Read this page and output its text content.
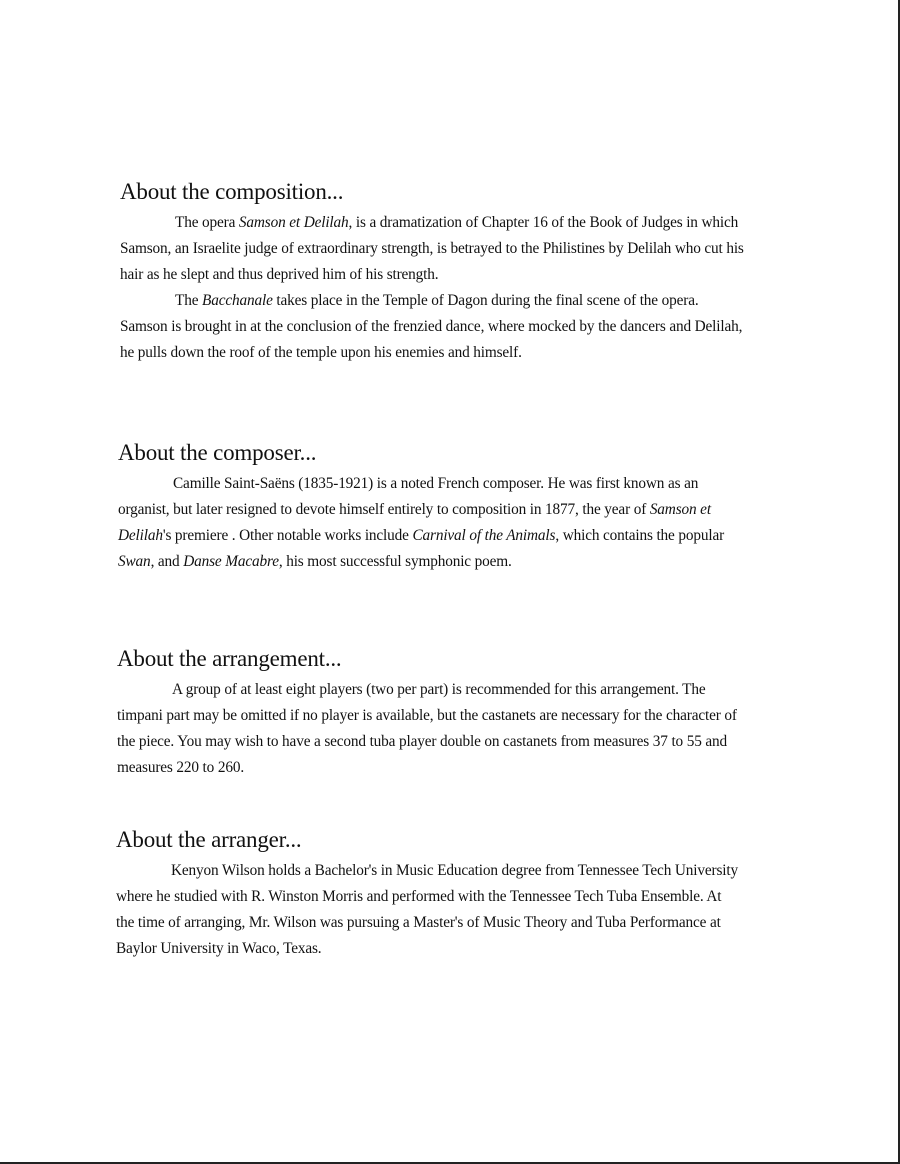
About the composition...

The opera Samson et Delilah, is a dramatization of Chapter 16 of the Book of Judges in which Samson, an Israelite judge of extraordinary strength, is betrayed to the Philistines by Delilah who cut his hair as he slept and thus deprived him of his strength.

The Bacchanale takes place in the Temple of Dagon during the final scene of the opera. Samson is brought in at the conclusion of the frenzied dance, where mocked by the dancers and Delilah, he pulls down the roof of the temple upon his enemies and himself.

About the composer...

Camille Saint-Saëns (1835-1921) is a noted French composer. He was first known as an organist, but later resigned to devote himself entirely to composition in 1877, the year of Samson et Delilah's premiere . Other notable works include Carnival of the Animals, which contains the popular Swan, and Danse Macabre, his most successful symphonic poem.

About the arrangement...

A group of at least eight players (two per part) is recommended for this arrangement. The timpani part may be omitted if no player is available, but the castanets are necessary for the character of the piece. You may wish to have a second tuba player double on castanets from measures 37 to 55 and measures 220 to 260.

About the arranger...

Kenyon Wilson holds a Bachelor's in Music Education degree from Tennessee Tech University where he studied with R. Winston Morris and performed with the Tennessee Tech Tuba Ensemble. At the time of arranging, Mr. Wilson was pursuing a Master's of Music Theory and Tuba Performance at Baylor University in Waco, Texas.
